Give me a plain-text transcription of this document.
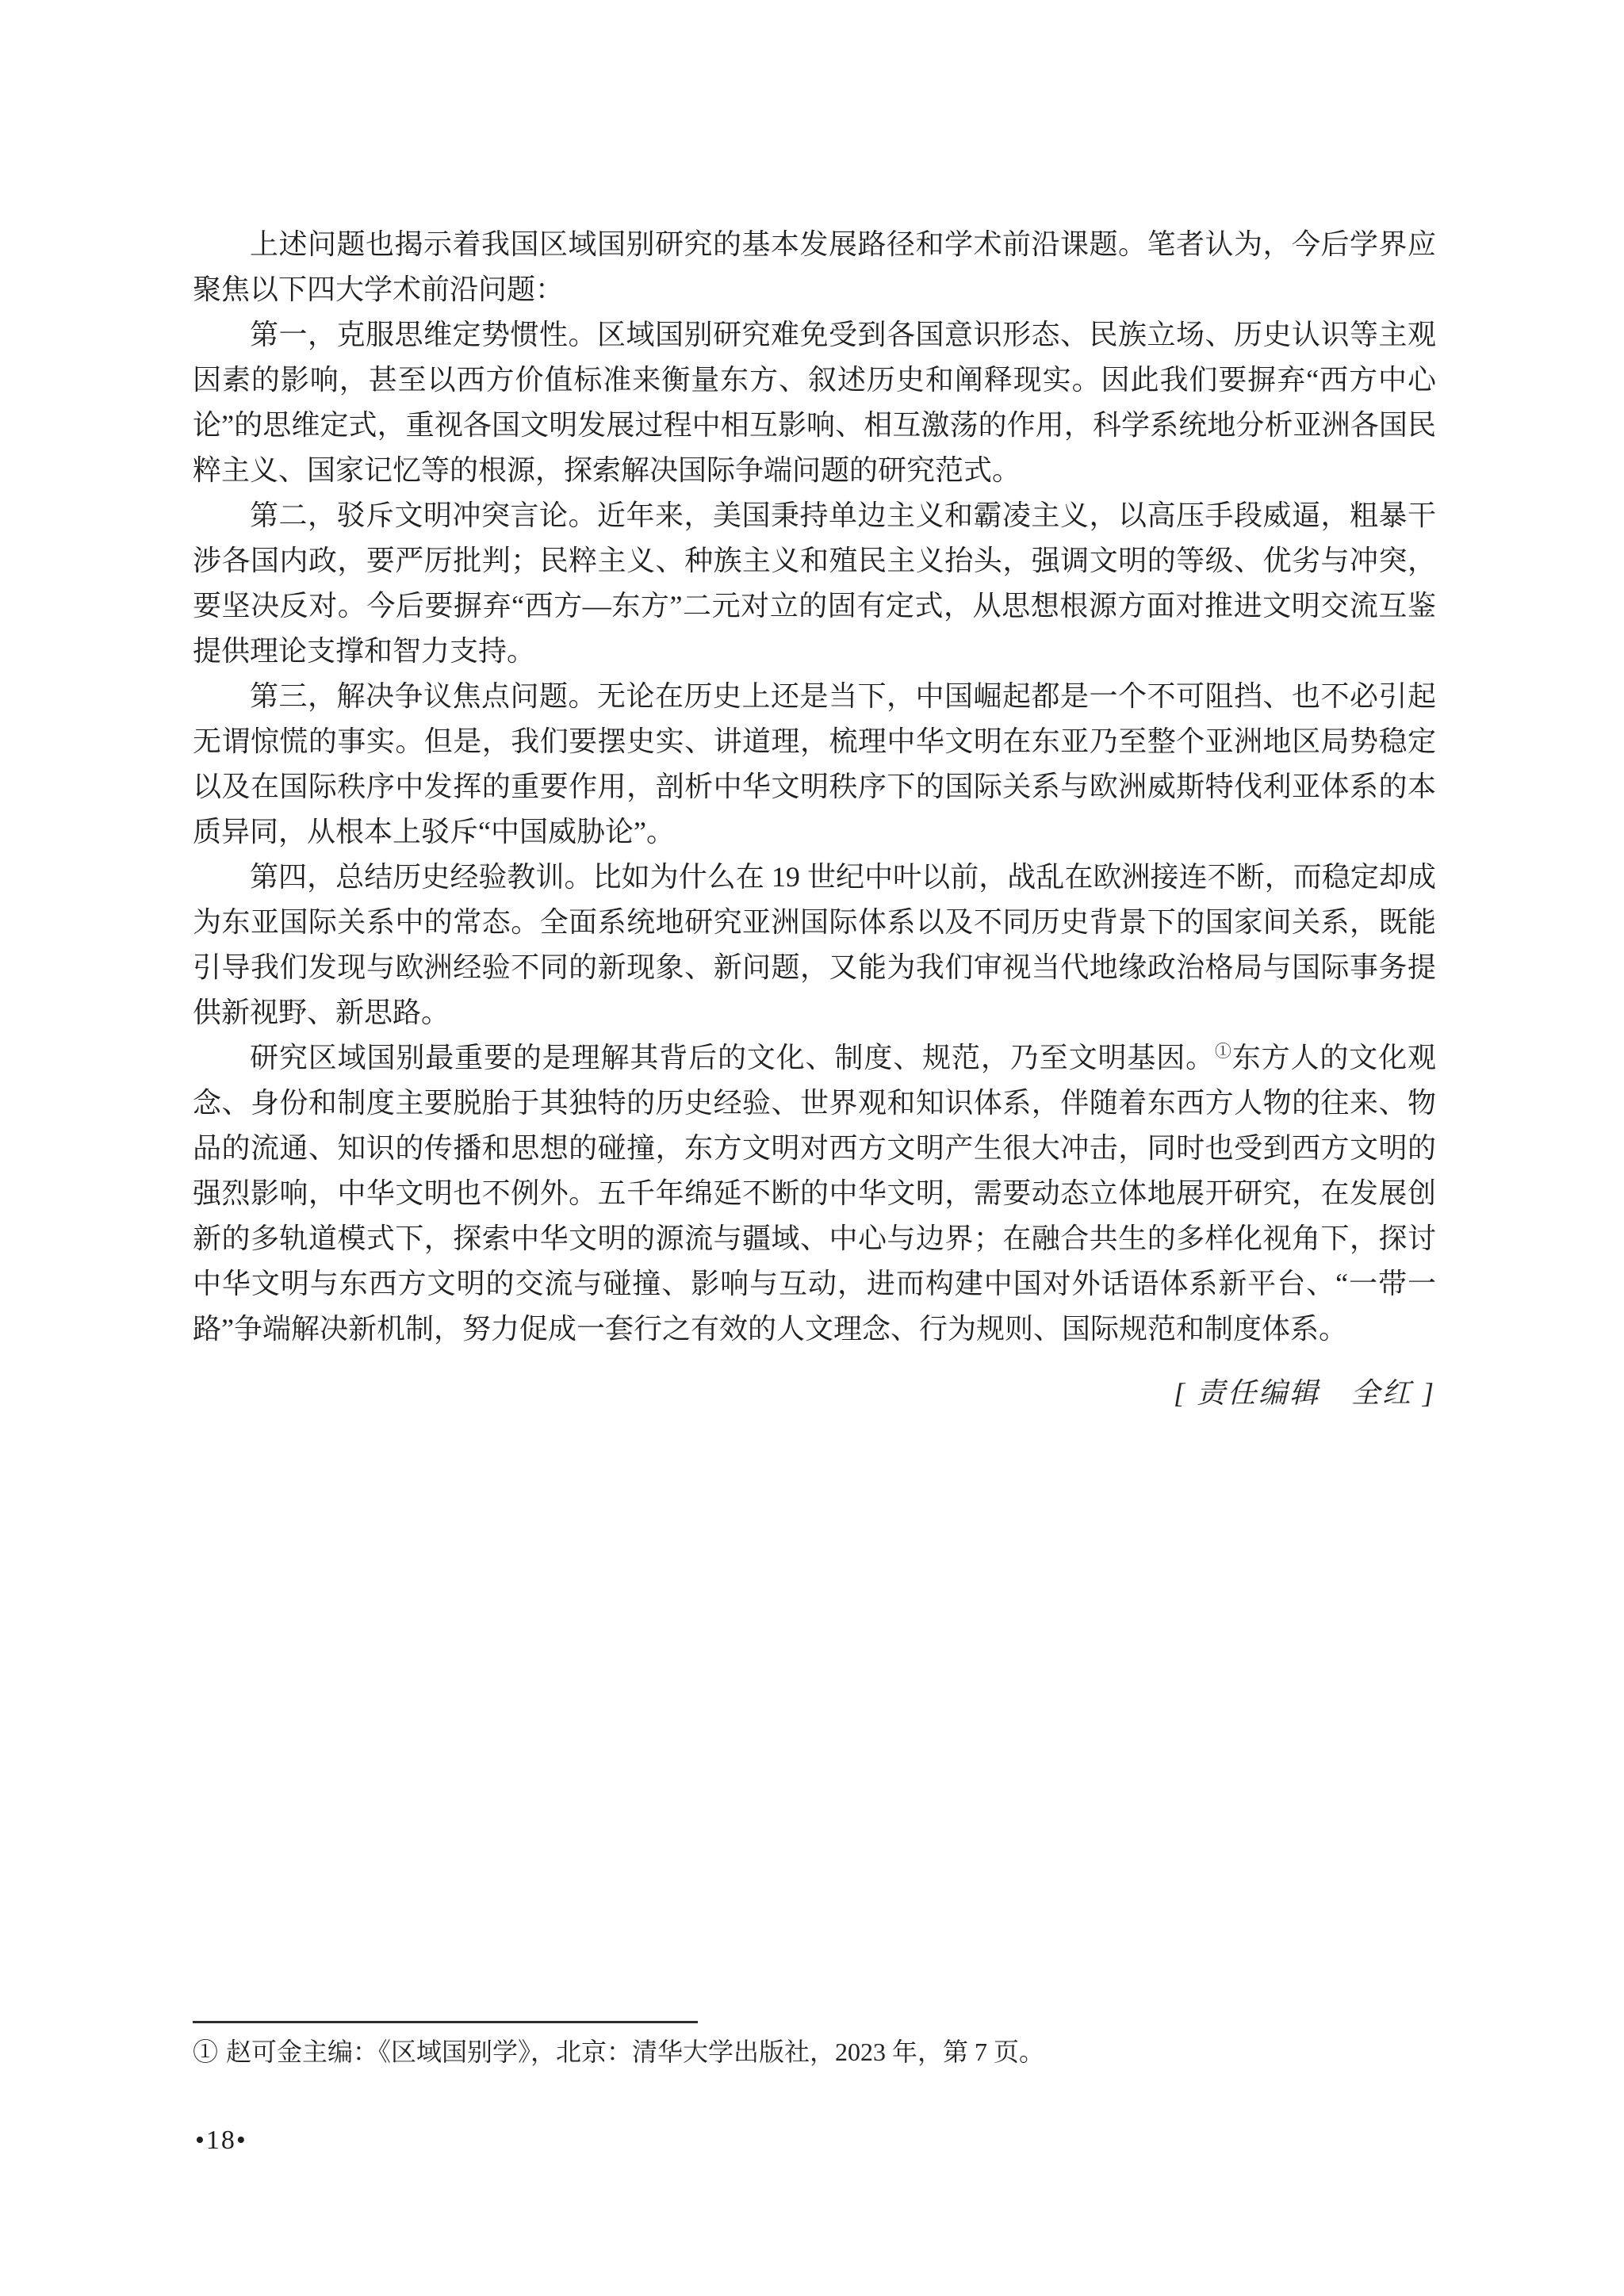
上述问题也揭示着我国区域国别研究的基本发展路径和学术前沿课题。笔者认为，今后学界应聚焦以下四大学术前沿问题：

第一，克服思维定势惯性。区域国别研究难免受到各国意识形态、民族立场、历史认识等主观因素的影响，甚至以西方价值标准来衡量东方、叙述历史和阐释现实。因此我们要摒弃“西方中心论”的思维定式，重视各国文明发展过程中相互影响、相互激荡的作用，科学系统地分析亚洲各国民粹主义、国家记忆等的根源，探索解决国际争端问题的研究范式。

第二，驳斥文明冲突言论。近年来，美国秉持单边主义和霸凌主义，以高压手段威逼，粗暴干涉各国内政，要严厉批判；民粹主义、种族主义和殖民主义抬头，强调文明的等级、优劣与冲突，要坚决反对。今后要摒弃“西方—东方”二元对立的固有定式，从思想根源方面对推进文明交流互鉴提供理论支撑和智力支持。

第三，解决争议焦点问题。无论在历史上还是当下，中国崛起都是一个不可阻挡、也不必引起无谓惊慌的事实。但是，我们要摆史实、讲道理，梳理中华文明在东亚乃至整个亚洲地区局势稳定以及在国际秩序中发挥的重要作用，剖析中华文明秩序下的国际关系与欧洲威斯特伐利亚体系的本质异同，从根本上驳斥“中国威胁论”。

第四，总结历史经验教训。比如为什么在 19 世纪中叶以前，战乱在欧洲接连不断，而稳定却成为东亚国际关系中的常态。全面系统地研究亚洲国际体系以及不同历史背景下的国家间关系，既能引导我们发现与欧洲经验不同的新现象、新问题，又能为我们审视当代地缘政治格局与国际事务提供新视野、新思路。

研究区域国别最重要的是理解其背后的文化、制度、规范，乃至文明基因。①东方人的文化观念、身份和制度主要脱胎于其独特的历史经验、世界观和知识体系，伴随着东西方人物的往来、物品的流通、知识的传播和思想的碰撞，东方文明对西方文明产生很大冲击，同时也受到西方文明的强烈影响，中华文明也不例外。五千年绵延不断的中华文明，需要动态立体地展开研究，在发展创新的多轨道模式下，探索中华文明的源流与疆域、中心与边界；在融合共生的多样化视角下，探讨中华文明与东西方文明的交流与碰撞、影响与互动，进而构建中国对外话语体系新平台、“一带一路”争端解决新机制，努力促成一套行之有效的人文理念、行为规则、国际规范和制度体系。

[ 责任编辑　全红 ]

① 赵可金主编：《区域国别学》，北京：清华大学出版社，2023 年，第 7 页。

•18•
